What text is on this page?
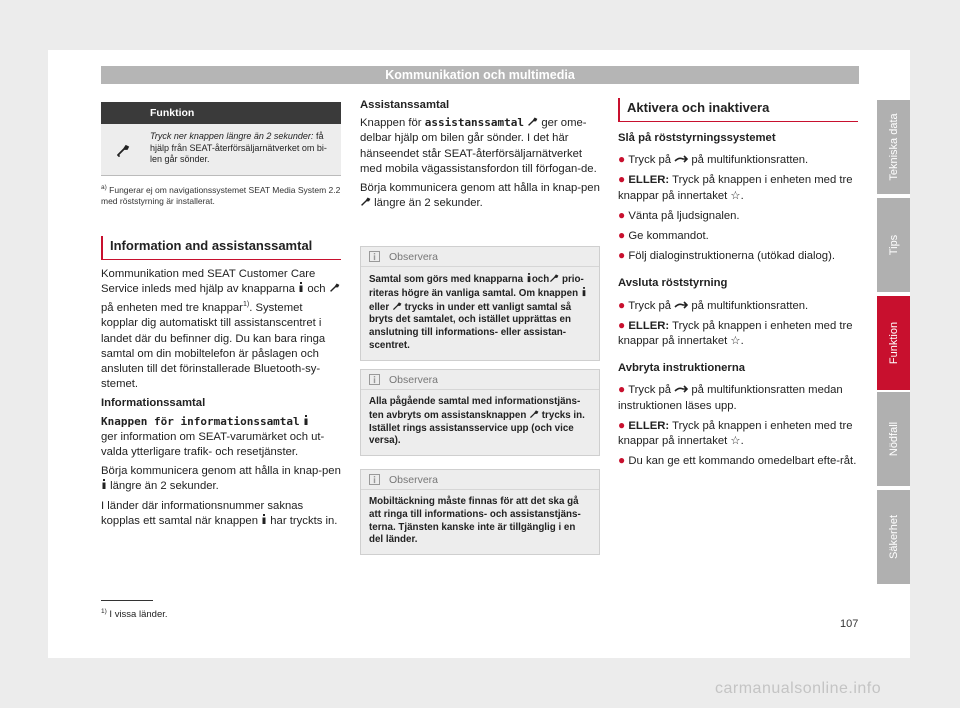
Kommunikation och multimedia
Funktion
Tryck ner knappen längre än 2 sekunder: få hjälp från SEAT-återförsäljarnätverket om bi-len går sönder.
$^{a)}$ Fungerar ej om navigationssystemet SEAT Media System 2.2 med röststyrning är installerat.
Information and assistanssamtal

Kommunikation med SEAT Customer Care Service inleds med hjälp av knapparna  och  på enheten med tre knappar$^{1)}$. Systemet kopplar dig automatiskt till assistanscentret i landet där du befinner dig. Du kan bara ringa samtal om din mobiltelefon är påslagen och ansluten till det förinstallerade Bluetooth-sy-stemet.

Informationssamtal

Knappen för informationssamtal

ger information om SEAT-varumärket och ut-valda ytterligare trafik- och resetjänster.

Börja kommunicera genom att hålla in knap-pen  längre än 2 sekunder.

I länder där informationsnummer saknas kopplas ett samtal när knappen  har tryckts in.

Assistanssamtal

Knappen för assistanssamtal  ger ome-delbar hjälp om bilen går sönder. I det här hänseendet står SEAT-återförsäljarnätverket med mobila vägassistansfordon till förfogan-de.

Börja kommunicera genom att hålla in knap-pen  längre än 2 sekunder.

Observera
Samtal som görs med knapparna och prio-riteras högre än vanliga samtal. Om knappen  eller  trycks in under ett vanligt samtal så bryts det samtalet, och istället upprättas en anslutning till informations- eller assistan-scentret.
Observera
Alla pågående samtal med informationstjäns-ten avbryts om assistansknappen  trycks in. Istället rings assistansservice upp (och vice versa).
Observera
Mobiltäckning måste finnas för att det ska gå att ringa till informations- och assistanstjäns-terna. Tjänsten kanske inte är tillgänglig i en del länder.
Aktivera och inaktivera

Slå på röststyrningssystemet

● Tryck på  på multifunktionsratten.

● ELLER: Tryck på knappen i enheten med tre knappar på innertaket ☆.

● Vänta på ljudsignalen.

● Ge kommandot.

● Följ dialoginstruktionerna (utökad dialog).

Avsluta röststyrning

● Tryck på  på multifunktionsratten.

● ELLER: Tryck på knappen i enheten med tre knappar på innertaket ☆.

Avbryta instruktionerna

● Tryck på  på multifunktionsratten medan instruktionen läses upp.

● ELLER: Tryck på knappen i enheten med tre knappar på innertaket ☆.

● Du kan ge ett kommando omedelbart efte-råt.

Tekniska data
Tips
Funktion
Nödfall
Säkerhet
$^{1)}$ I vissa länder.
107
carmanualsonline.info
